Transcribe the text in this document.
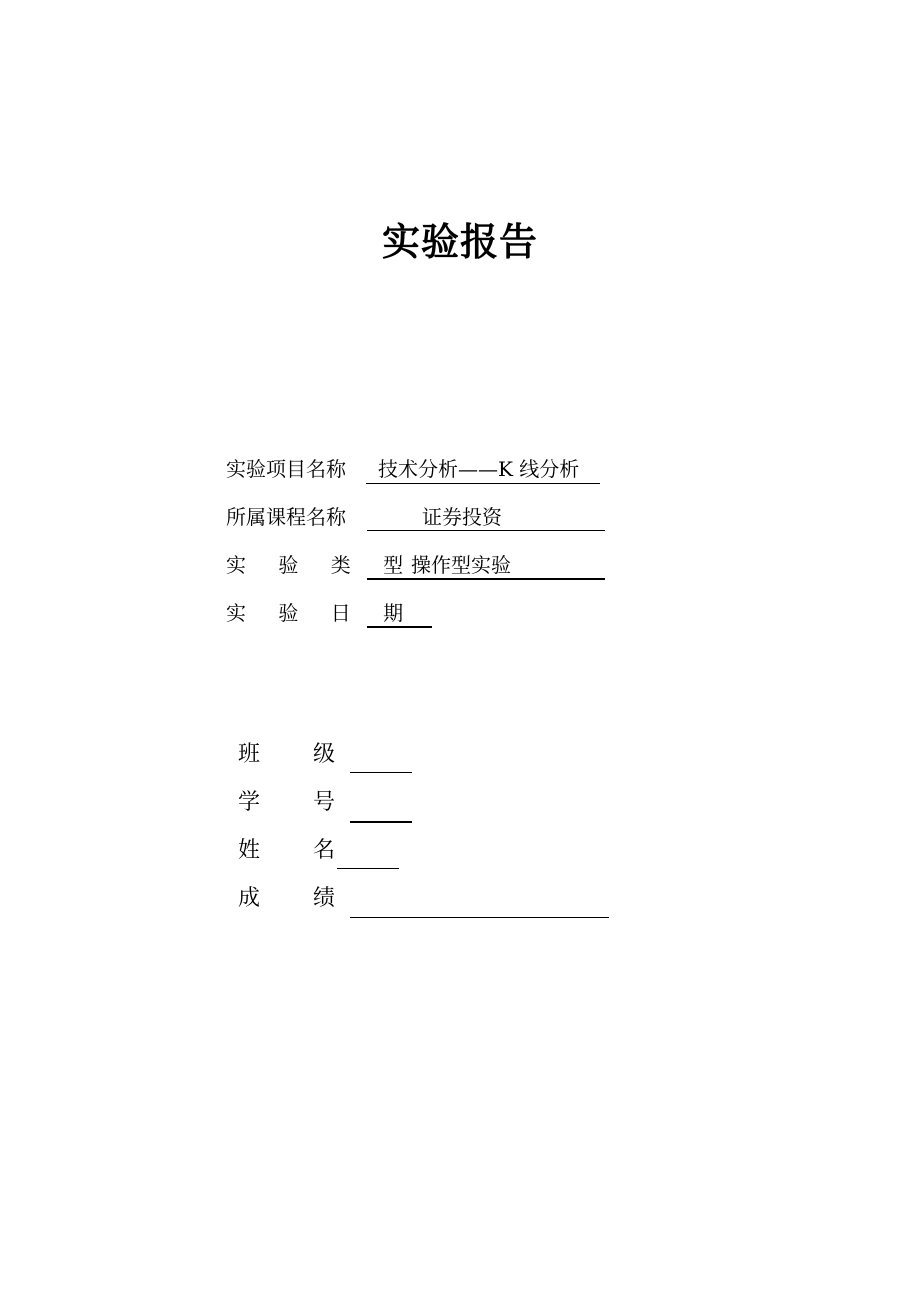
实验报告
实验项目名称 技术分析——K 线分析
所属课程名称	证券投资
实 验 类 型
操作型实验
实 验 日 期
班 级
学 号
姓 名
成 绩
